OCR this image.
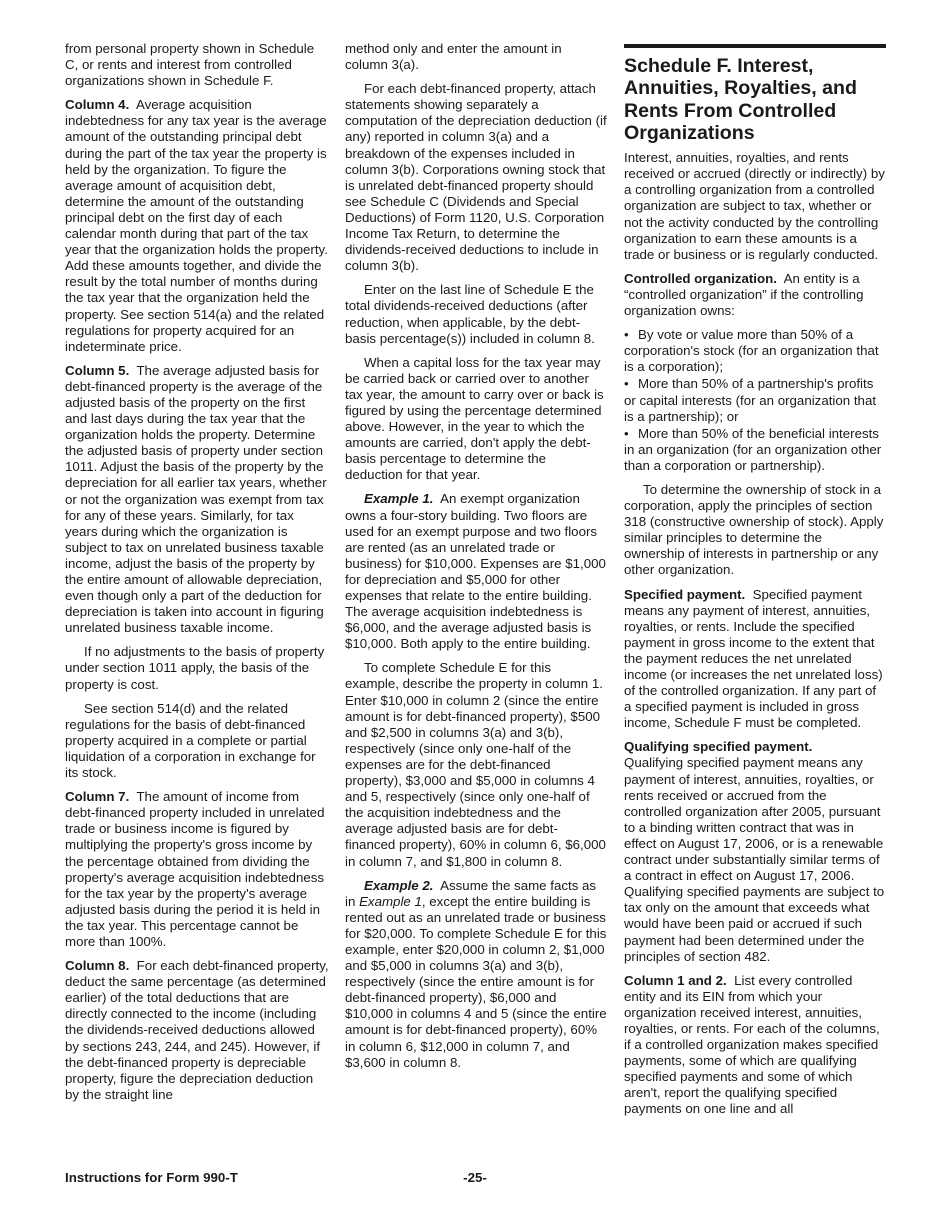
from personal property shown in Schedule C, or rents and interest from controlled organizations shown in Schedule F.

Column 4. Average acquisition indebtedness for any tax year is the average amount of the outstanding principal debt during the part of the tax year the property is held by the organization. To figure the average amount of acquisition debt, determine the amount of the outstanding principal debt on the first day of each calendar month during that part of the tax year that the organization holds the property. Add these amounts together, and divide the result by the total number of months during the tax year that the organization held the property. See section 514(a) and the related regulations for property acquired for an indeterminate price.

Column 5. The average adjusted basis for debt-financed property is the average of the adjusted basis of the property on the first and last days during the tax year that the organization holds the property. Determine the adjusted basis of property under section 1011. Adjust the basis of the property by the depreciation for all earlier tax years, whether or not the organization was exempt from tax for any of these years. Similarly, for tax years during which the organization is subject to tax on unrelated business taxable income, adjust the basis of the property by the entire amount of allowable depreciation, even though only a part of the deduction for depreciation is taken into account in figuring unrelated business taxable income.

If no adjustments to the basis of property under section 1011 apply, the basis of the property is cost.

See section 514(d) and the related regulations for the basis of debt-financed property acquired in a complete or partial liquidation of a corporation in exchange for its stock.

Column 7. The amount of income from debt-financed property included in unrelated trade or business income is figured by multiplying the property's gross income by the percentage obtained from dividing the property's average acquisition indebtedness for the tax year by the property's average adjusted basis during the period it is held in the tax year. This percentage cannot be more than 100%.

Column 8. For each debt-financed property, deduct the same percentage (as determined earlier) of the total deductions that are directly connected to the income (including the dividends-received deductions allowed by sections 243, 244, and 245). However, if the debt-financed property is depreciable property, figure the depreciation deduction by the straight line

method only and enter the amount in column 3(a).

For each debt-financed property, attach statements showing separately a computation of the depreciation deduction (if any) reported in column 3(a) and a breakdown of the expenses included in column 3(b). Corporations owning stock that is unrelated debt-financed property should see Schedule C (Dividends and Special Deductions) of Form 1120, U.S. Corporation Income Tax Return, to determine the dividends-received deductions to include in column 3(b).

Enter on the last line of Schedule E the total dividends-received deductions (after reduction, when applicable, by the debt-basis percentage(s)) included in column 8.

When a capital loss for the tax year may be carried back or carried over to another tax year, the amount to carry over or back is figured by using the percentage determined above. However, in the year to which the amounts are carried, don't apply the debt-basis percentage to determine the deduction for that year.

Example 1. An exempt organization owns a four-story building. Two floors are used for an exempt purpose and two floors are rented (as an unrelated trade or business) for $10,000. Expenses are $1,000 for depreciation and $5,000 for other expenses that relate to the entire building. The average acquisition indebtedness is $6,000, and the average adjusted basis is $10,000. Both apply to the entire building.

To complete Schedule E for this example, describe the property in column 1. Enter $10,000 in column 2 (since the entire amount is for debt-financed property), $500 and $2,500 in columns 3(a) and 3(b), respectively (since only one-half of the expenses are for the debt-financed property), $3,000 and $5,000 in columns 4 and 5, respectively (since only one-half of the acquisition indebtedness and the average adjusted basis are for debt-financed property), 60% in column 6, $6,000 in column 7, and $1,800 in column 8.

Example 2. Assume the same facts as in Example 1, except the entire building is rented out as an unrelated trade or business for $20,000. To complete Schedule E for this example, enter $20,000 in column 2, $1,000 and $5,000 in columns 3(a) and 3(b), respectively (since the entire amount is for debt-financed property), $6,000 and $10,000 in columns 4 and 5 (since the entire amount is for debt-financed property), 60% in column 6, $12,000 in column 7, and $3,600 in column 8.

Schedule F. Interest, Annuities, Royalties, and Rents From Controlled Organizations

Interest, annuities, royalties, and rents received or accrued (directly or indirectly) by a controlling organization from a controlled organization are subject to tax, whether or not the activity conducted by the controlling organization to earn these amounts is a trade or business or is regularly conducted.

Controlled organization. An entity is a “controlled organization” if the controlling organization owns:

• By vote or value more than 50% of a corporation's stock (for an organization that is a corporation);
• More than 50% of a partnership's profits or capital interests (for an organization that is a partnership); or
• More than 50% of the beneficial interests in an organization (for an organization other than a corporation or partnership).

To determine the ownership of stock in a corporation, apply the principles of section 318 (constructive ownership of stock). Apply similar principles to determine the ownership of interests in partnership or any other organization.

Specified payment. Specified payment means any payment of interest, annuities, royalties, or rents. Include the specified payment in gross income to the extent that the payment reduces the net unrelated income (or increases the net unrelated loss) of the controlled organization. If any part of a specified payment is included in gross income, Schedule F must be completed.

Qualifying specified payment.
Qualifying specified payment means any payment of interest, annuities, royalties, or rents received or accrued from the controlled organization after 2005, pursuant to a binding written contract that was in effect on August 17, 2006, or is a renewable contract under substantially similar terms of a contract in effect on August 17, 2006. Qualifying specified payments are subject to tax only on the amount that exceeds what would have been paid or accrued if such payment had been determined under the principles of section 482.

Column 1 and 2. List every controlled entity and its EIN from which your organization received interest, annuities, royalties, or rents. For each of the columns, if a controlled organization makes specified payments, some of which are qualifying specified payments and some of which aren't, report the qualifying specified payments on one line and all

Instructions for Form 990-T	-25-
